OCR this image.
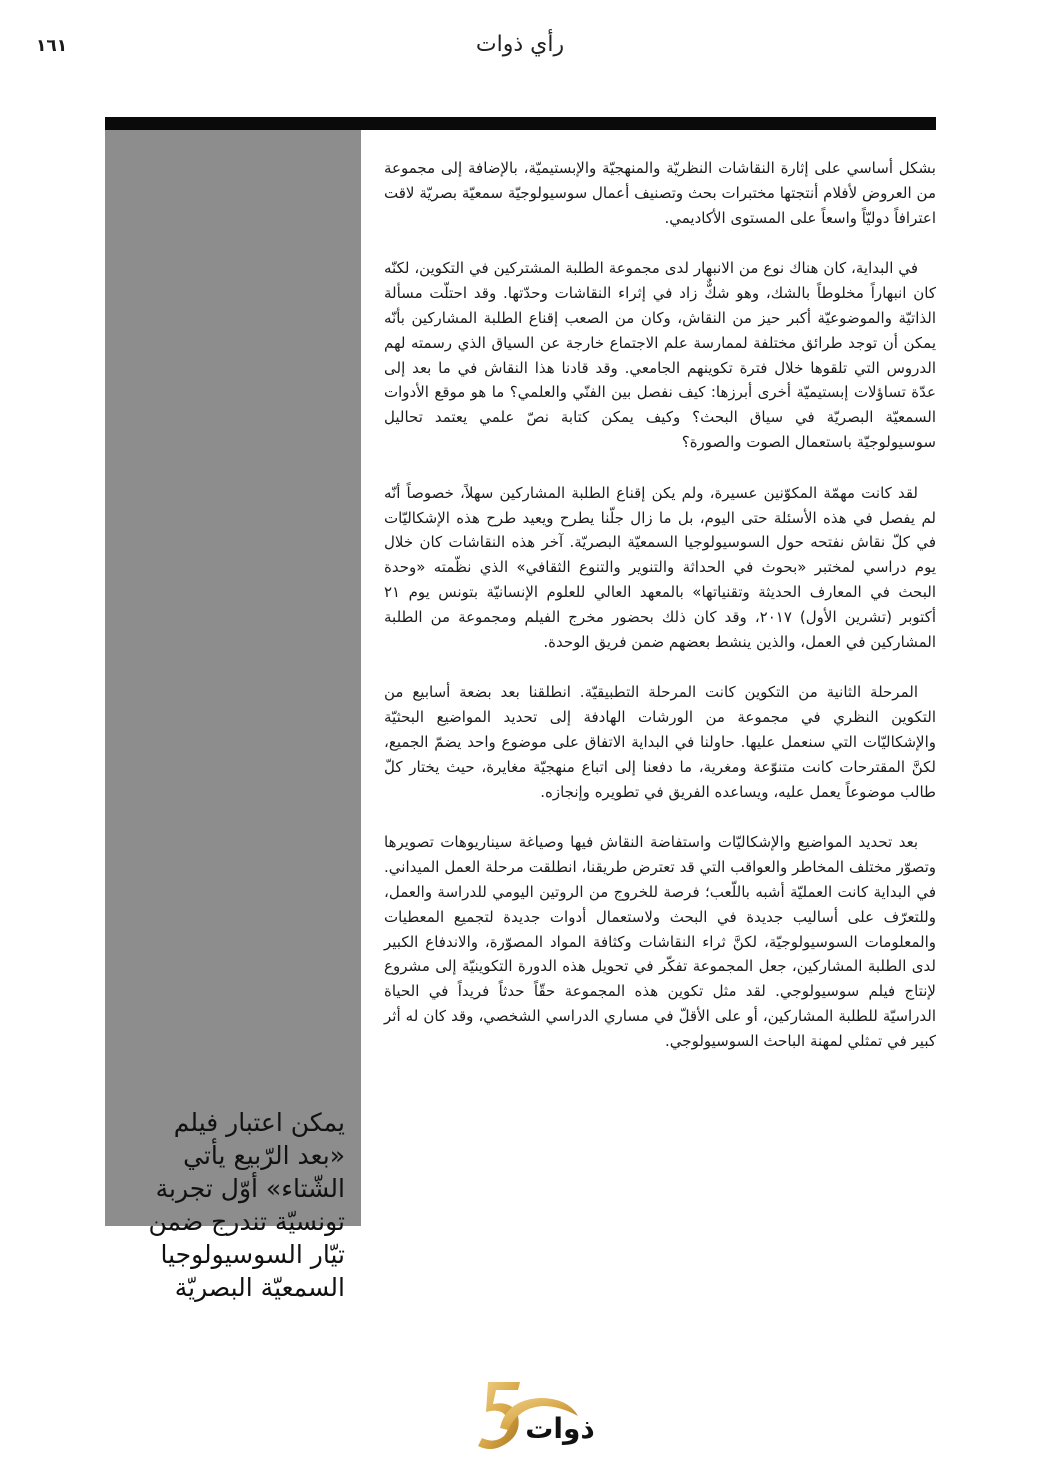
١٦١	رأي ذوات
يمكن اعتبار فيلم «بعد الرّبيع يأتي الشّتاء» أوّل تجربة تونسيّة تندرج ضمن تيّار السوسيولوجيا السمعيّة البصريّة

بشكل أساسي على إثارة النقاشات النظريّة والمنهجيّة والإبستيميّة، بالإضافة إلى مجموعة من العروض لأفلام أنتجتها مختبرات بحث وتصنيف أعمال سوسيولوجيّة سمعيّة بصريّة لاقت اعترافاً دوليّاً واسعاً على المستوى الأكاديمي.

في البداية، كان هناك نوع من الانبهار لدى مجموعة الطلبة المشتركين في التكوين، لكنّه كان انبهاراً مخلوطاً بالشك، وهو شكٌّ زاد في إثراء النقاشات وحدّتها. وقد احتلّت مسألة الذاتيّة والموضوعيّة أكبر حيز من النقاش، وكان من الصعب إقناع الطلبة المشاركين بأنّه يمكن أن توجد طرائق مختلفة لممارسة علم الاجتماع خارجة عن السياق الذي رسمته لهم الدروس التي تلقوها خلال فترة تكوينهم الجامعي. وقد قادنا هذا النقاش في ما بعد إلى عدّة تساؤلات إبستيميّة أخرى أبرزها: كيف نفصل بين الفنّي والعلمي؟ ما هو موقع الأدوات السمعيّة البصريّة في سياق البحث؟ وكيف يمكن كتابة نصّ علمي يعتمد تحاليل سوسيولوجيّة باستعمال الصوت والصورة؟

لقد كانت مهمّة المكوّنين عسيرة، ولم يكن إقناع الطلبة المشاركين سهلاً، خصوصاً أنّه لم يفصل في هذه الأسئلة حتى اليوم، بل ما زال جلّنا يطرح ويعيد طرح هذه الإشكاليّات في كلّ نقاش نفتحه حول السوسيولوجيا السمعيّة البصريّة. آخر هذه النقاشات كان خلال يوم دراسي لمختبر «بحوث في الحداثة والتنوير والتنوع الثقافي» الذي نظّمته «وحدة البحث في المعارف الحديثة وتقنياتها» بالمعهد العالي للعلوم الإنسانيّة بتونس يوم ٢١ أكتوبر (تشرين الأول) ٢٠١٧، وقد كان ذلك بحضور مخرج الفيلم ومجموعة من الطلبة المشاركين في العمل، والذين ينشط بعضهم ضمن فريق الوحدة.

المرحلة الثانية من التكوين كانت المرحلة التطبيقيّة. انطلقنا بعد بضعة أسابيع من التكوين النظري في مجموعة من الورشات الهادفة إلى تحديد المواضيع البحثيّة والإشكاليّات التي سنعمل عليها. حاولنا في البداية الاتفاق على موضوع واحد يضمّ الجميع، لكنَّ المقترحات كانت متنوّعة ومغرية، ما دفعنا إلى اتباع منهجيّة مغايرة، حيث يختار كلّ طالب موضوعاً يعمل عليه، ويساعده الفريق في تطويره وإنجازه.

بعد تحديد المواضيع والإشكاليّات واستفاضة النقاش فيها وصياغة سيناريوهات تصويرها وتصوّر مختلف المخاطر والعواقب التي قد تعترض طريقنا، انطلقت مرحلة العمل الميداني. في البداية كانت العمليّة أشبه باللّعب؛ فرصة للخروج من الروتين اليومي للدراسة والعمل، وللتعرّف على أساليب جديدة في البحث ولاستعمال أدوات جديدة لتجميع المعطيات والمعلومات السوسيولوجيّة، لكنَّ ثراء النقاشات وكثافة المواد المصوّرة، والاندفاع الكبير لدى الطلبة المشاركين، جعل المجموعة تفكّر في تحويل هذه الدورة التكوينيّة إلى مشروع لإنتاج فيلم سوسيولوجي. لقد مثل تكوين هذه المجموعة حقّاً حدثاً فريداً في الحياة الدراسيّة للطلبة المشاركين، أو على الأقلّ في مساري الدراسي الشخصي، وقد كان له أثر كبير في تمثلي لمهنة الباحث السوسيولوجي.

ذوات
